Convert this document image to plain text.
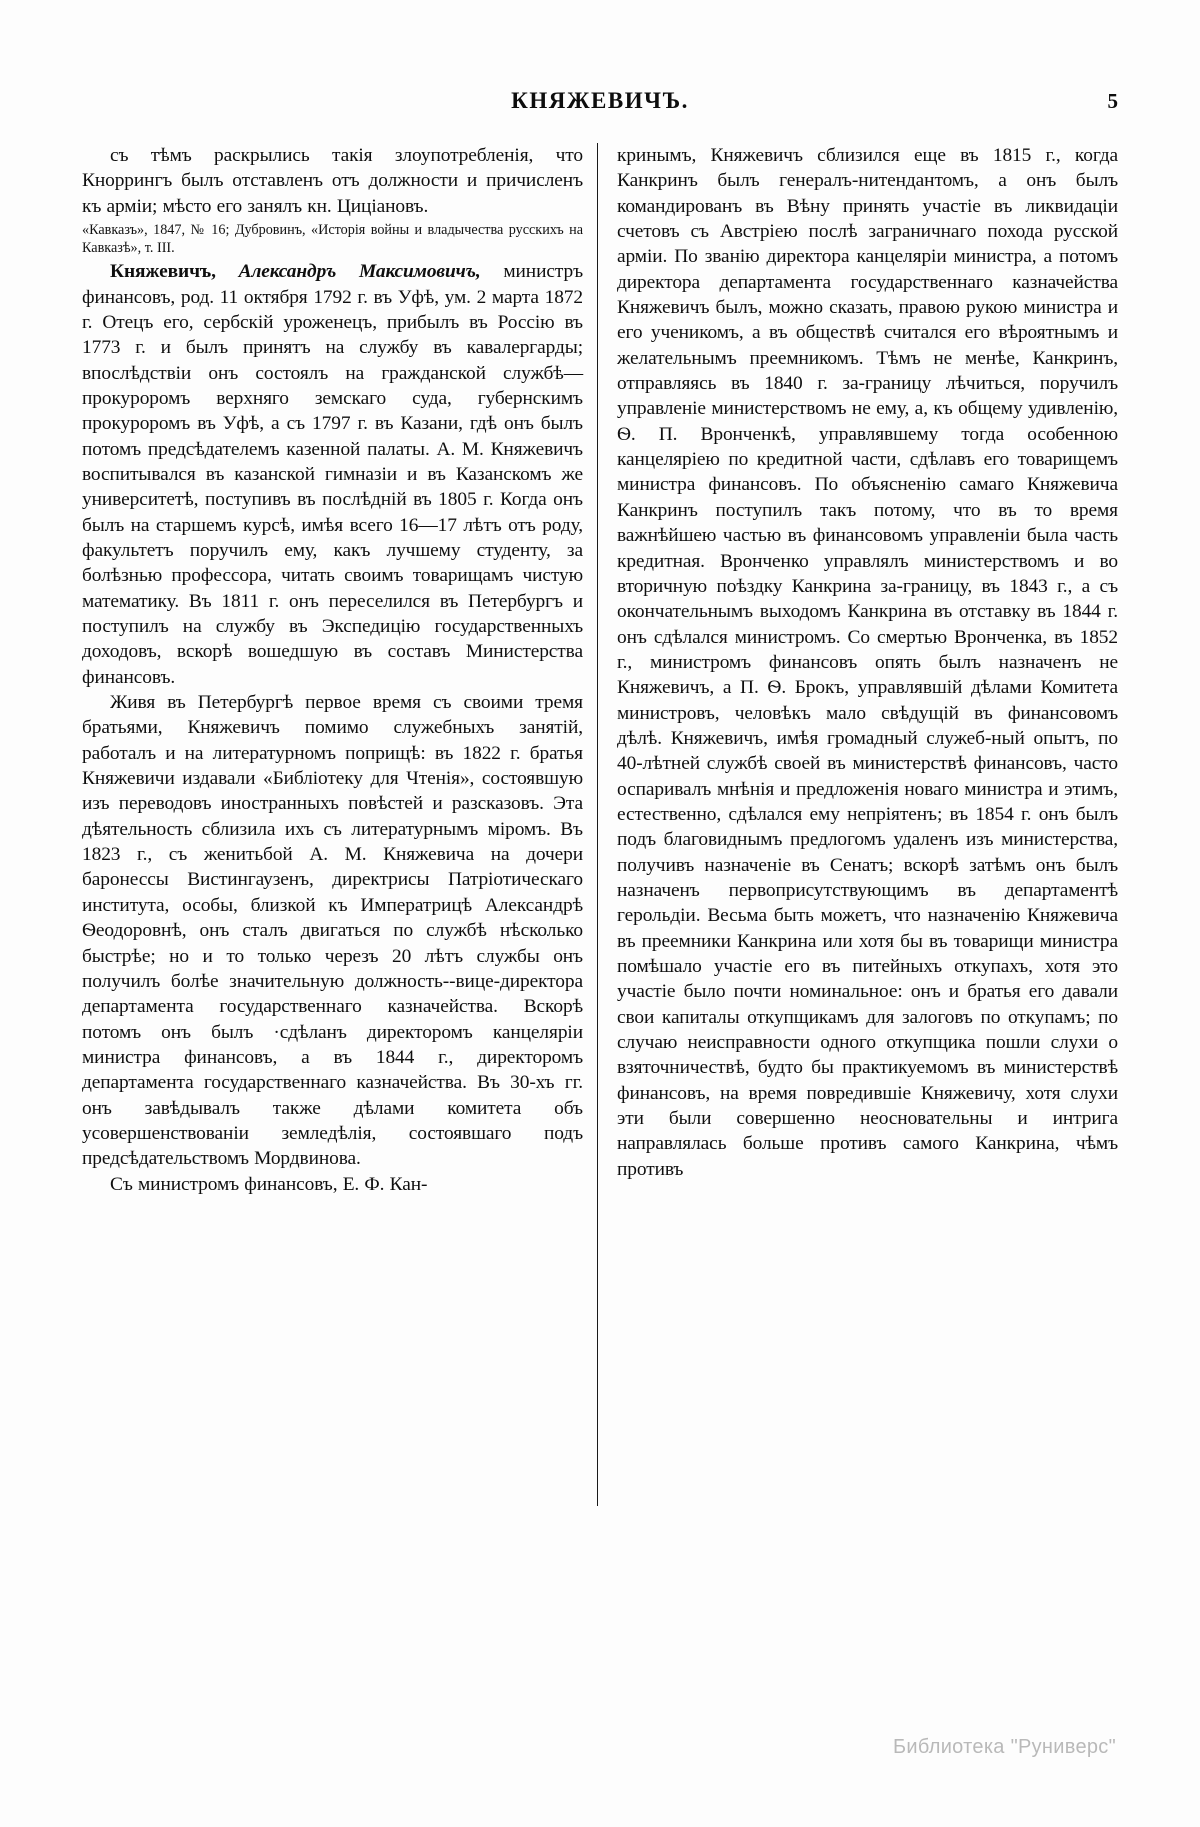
КНЯЖЕВИЧЪ.	5

съ тѣмъ раскрылись такія злоупотребленія, что Кноррингъ былъ отставленъ отъ должности и причисленъ къ арміи; мѣсто его занялъ кн. Циціановъ.

«Кавказъ», 1847, № 16; Дубровинъ, «Исторія войны и владычества русскихъ на Кавказѣ», т. III.

Княжевичъ, Александръ Максимовичъ, министръ финансовъ, род. 11 октября 1792 г. въ Уфѣ, ум. 2 марта 1872 г. Отецъ его, сербскій уроженецъ, прибылъ въ Россію въ 1773 г. и былъ принятъ на службу въ кавалергарды; впослѣдствіи онъ состоялъ на гражданской службѣ—прокурoромъ верхняго земскаго суда, губернскимъ прокуроромъ въ Уфѣ, а съ 1797 г. въ Казани, гдѣ онъ былъ потомъ предсѣдателемъ казенной палаты. А. М. Княжевичъ воспитывался въ казанской гимназіи и въ Казанскомъ же университетѣ, поступивъ въ послѣдній въ 1805 г. Когда онъ былъ на старшемъ курсѣ, имѣя всего 16—17 лѣтъ отъ роду, факультетъ поручилъ ему, какъ лучшему студенту, за болѣзнью профессора, читать своимъ товарищамъ чистую математику. Въ 1811 г. онъ переселился въ Петербургъ и поступилъ на службу въ Экспедицію государственныхъ доходовъ, вскорѣ вошедшую въ составъ Министерства финансовъ.

Живя въ Петербургѣ первое время съ своими тремя братьями, Княжевичъ помимо служебныхъ занятій, работалъ и на литературномъ поприщѣ: въ 1822 г. братья Княжевичи издавали «Библіотеку для Чтенія», состоявшую изъ переводовъ иностранныхъ повѣстей и разсказовъ. Эта дѣятельность сблизила ихъ съ литературнымъ міромъ. Въ 1823 г., съ женитьбой А. М. Княжевича на дочери баронессы Вистингаузенъ, директрисы Патріотическаго института, особы, близкой къ Императрицѣ Александрѣ Ѳеодоровнѣ, онъ сталъ двигаться по службѣ нѣсколько быстрѣе; но и то только черезъ 20 лѣтъ службы онъ получилъ болѣе значительную должность--вице-директора департамента государственнаго казначейства. Вскорѣ потомъ онъ былъ ·сдѣланъ директоромъ канцеляріи министра финансовъ, а въ 1844 г., директоромъ департамента государственнаго казначейства. Въ 30-хъ гг. онъ завѣдывалъ также дѣлами комитета объ усовершенствованіи земледѣлія, состоявшаго подъ предсѣдательствомъ Мордвинова.

Съ министромъ финансовъ, Е. Ф. Кан-

кринымъ, Княжевичъ сблизился еще въ 1815 г., когда Канкринъ былъ генералъ-нитендантомъ, а онъ былъ командированъ въ Вѣну принять участіе въ ликвидаціи счетовъ съ Австріею послѣ заграничнаго похода русской арміи. По званію директора канцеляріи министра, а потомъ директора департамента государственнаго казначейства Княжевичъ былъ, можно сказать, правою рукою министра и его ученикомъ, а въ обществѣ считался его вѣроятнымъ и желательнымъ преемникомъ. Тѣмъ не менѣе, Канкринъ, отправляясь въ 1840 г. за-границу лѣчиться, поручилъ управленіе министерствомъ не ему, а, къ общему удивленію, Ѳ. П. Вронченкѣ, управлявшему тогда особенною канцеляріею по кредитной части, сдѣлавъ его товарищемъ министра финансовъ. По объясненію самаго Княжевича Канкринъ поступилъ такъ потому, что въ то время важнѣйшею частью въ финансовомъ управленіи была часть кредитная. Вронченко управлялъ министерствомъ и во вторичную поѣздку Канкрина за-границу, въ 1843 г., а съ окончательнымъ выходомъ Канкрина въ отставку въ 1844 г. онъ сдѣлался министромъ. Со смертью Вронченка, въ 1852 г., министромъ финансовъ опять былъ назначенъ не Княжевичъ, а П. Ѳ. Брокъ, управлявшій дѣлами Комитета министровъ, человѣкъ мало свѣдущій въ финансовомъ дѣлѣ. Княжевичъ, имѣя громадный служеб-ный опытъ, по 40-лѣтней службѣ своей въ министерствѣ финансовъ, часто оспаривалъ мнѣнія и предложенія новаго министра и этимъ, естественно, сдѣлался ему непріятенъ; въ 1854 г. онъ былъ подъ благовиднымъ предлогомъ удаленъ изъ министерства, получивъ назначеніе въ Сенатъ; вскорѣ затѣмъ онъ былъ назначенъ первоприсутствующимъ въ департаментѣ герольдіи. Весьма быть можетъ, что назначенію Княжевича въ преемники Канкрина или хотя бы въ товарищи министра помѣшало участіе его въ питейныхъ откупахъ, хотя это участіе было почти номинальное: онъ и братья его давали свои капиталы откупщикамъ для залоговъ по откупамъ; по случаю неисправности одного откупщика пошли слухи о взяточничествѣ, будто бы практикуемомъ въ министерствѣ финансовъ, на время повредившіе Княжевичу, хотя слухи эти были совершенно неосновательны и интрига направлялась больше противъ самого Канкрина, чѣмъ противъ

Библиотека "Руниверс"
